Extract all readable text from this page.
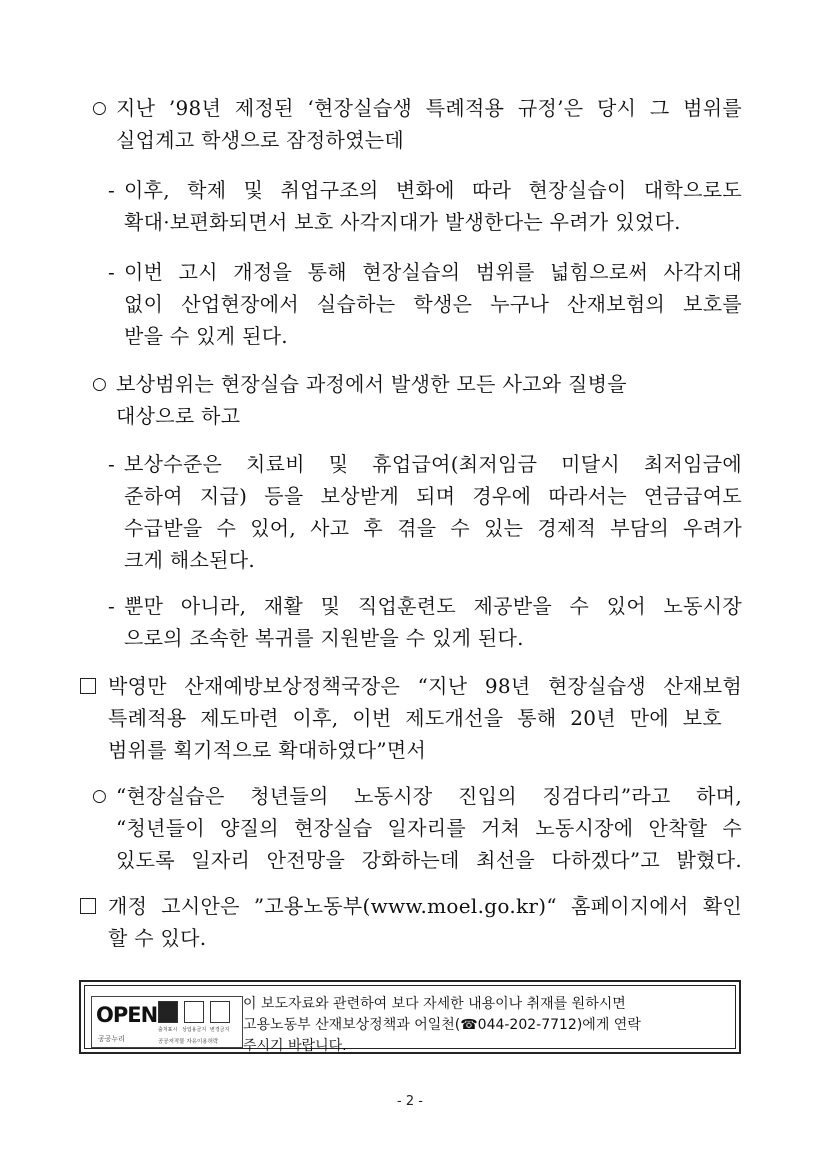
○ 지난 ’98년 제정된 ‘현장실습생 특례적용 규정’은 당시 그 범위를
실업계고 학생으로 잠정하였는데
- 이후, 학제 및 취업구조의 변화에 따라 현장실습이 대학으로도
확대·보편화되면서 보호 사각지대가 발생한다는 우려가 있었다.
- 이번 고시 개정을 통해 현장실습의 범위를 넓힘으로써 사각지대
없이 산업현장에서 실습하는 학생은 누구나 산재보험의 보호를
받을 수 있게 된다.
○ 보상범위는 현장실습 과정에서 발생한 모든 사고와 질병을
대상으로 하고
- 보상수준은 치료비 및 휴업급여(최저임금 미달시 최저임금에
준하여 지급) 등을 보상받게 되며 경우에 따라서는 연금급여도
수급받을 수 있어, 사고 후 겪을 수 있는 경제적 부담의 우려가
크게 해소된다.
- 뿐만 아니라, 재활 및 직업훈련도 제공받을 수 있어 노동시장
으로의 조속한 복귀를 지원받을 수 있게 된다.
박영만 산재예방보상정책국장은 “지난 98년 현장실습생 산재보험
특례적용 제도마련 이후, 이번 제도개선을 통해 20년 만에 보호
범위를 획기적으로 확대하였다”면서
○ “현장실습은 청년들의 노동시장 진입의 징검다리”라고 하며,
“청년들이 양질의 현장실습 일자리를 거쳐 노동시장에 안착할 수
있도록 일자리 안전망을 강화하는데 최선을 다하겠다”고 밝혔다.
개정 고시안은 ”고용노동부(www.moel.go.kr)“ 홈페이지에서 확인
할 수 있다.
OPEN
공공누리
출처표시 상업용금지 변경금지
공공저작물 자유이용허락
이 보도자료와 관련하여 보다 자세한 내용이나 취재를 원하시면
고용노동부 산재보상정책과 어일천(☎044-202-7712)에게 연락
주시기 바랍니다.
- 2 -
